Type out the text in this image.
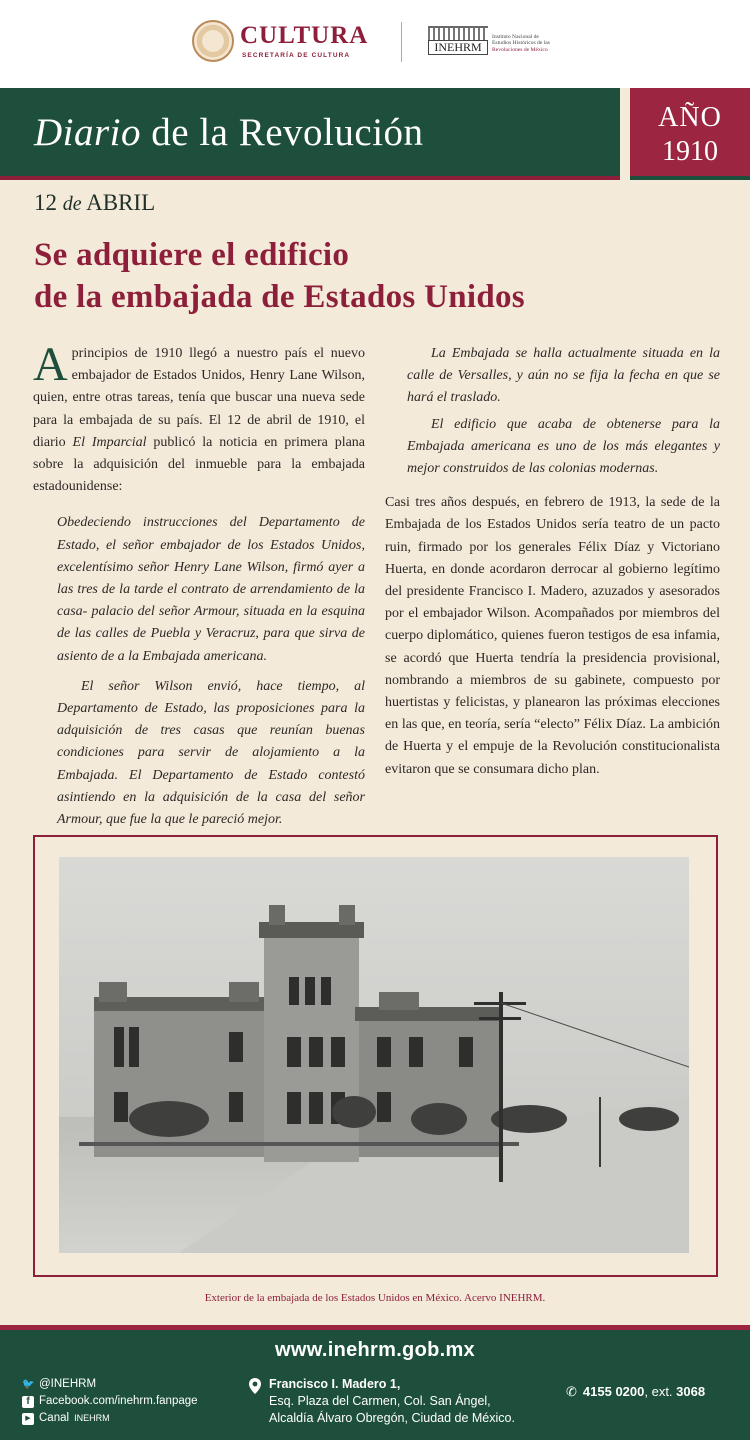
CULTURA
SECRETARÍA DE CULTURA
INEHRM
Instituto Nacional de
Estudios Históricos de las
Revoluciones de México
Diario de la Revolución	AÑO
1910
12 de ABRIL
Se adquiere el edificio
de la embajada de Estados Unidos

A principios de 1910 llegó a nuestro país el nuevo embajador de Estados Unidos, Henry Lane Wilson, quien, entre otras tareas, tenía que buscar una nueva sede para la embajada de su país. El 12 de abril de 1910, el diario El Imparcial publicó la noticia en primera plana sobre la adquisición del inmueble para la embajada estadounidense:

Obedeciendo instrucciones del Departamento de Estado, el señor embajador de los Estados Unidos, excelentísimo señor Henry Lane Wilson, firmó ayer a las tres de la tarde el contrato de arrendamiento de la casa- palacio del señor Armour, situada en la esquina de las calles de Puebla y Veracruz, para que sirva de asiento de a la Embajada americana.

El señor Wilson envió, hace tiempo, al Departamento de Estado, las proposiciones para la adquisición de tres casas que reunían buenas condiciones para servir de alojamiento a la Embajada. El Departamento de Estado contestó asintiendo en la adquisición de la casa del señor Armour, que fue la que le pareció mejor.

La Embajada se halla actualmente situada en la calle de Versalles, y aún no se fija la fecha en que se hará el traslado.

El edificio que acaba de obtenerse para la Embajada americana es uno de los más elegantes y mejor construidos de las colonias modernas.

Casi tres años después, en febrero de 1913, la sede de la Embajada de los Estados Unidos sería teatro de un pacto ruin, firmado por los generales Félix Díaz y Victoriano Huerta, en donde acordaron derrocar al gobierno legítimo del presidente Francisco I. Madero, azuzados y asesorados por el embajador Wilson. Acompañados por miembros del cuerpo diplomático, quienes fueron testigos de esa infamia, se acordó que Huerta tendría la presidencia provisional, nombrando a miembros de su gabinete, compuesto por huertistas y felicistas, y planearon las próximas elecciones en las que, en teoría, sería “electo” Félix Díaz. La ambición de Huerta y el empuje de la Revolución constitucionalista evitaron que se consumara dicho plan.

Exterior de la embajada de los Estados Unidos en México. Acervo INEHRM.
www.inehrm.gob.mx
🐦 @INEHRM
f Facebook.com/inehrm.fanpage
▶ Canal INEHRM
Francisco I. Madero 1,
Esq. Plaza del Carmen, Col. San Ángel,
Alcaldía Álvaro Obregón, Ciudad de México.
✆ 4155 0200, ext. 3068
